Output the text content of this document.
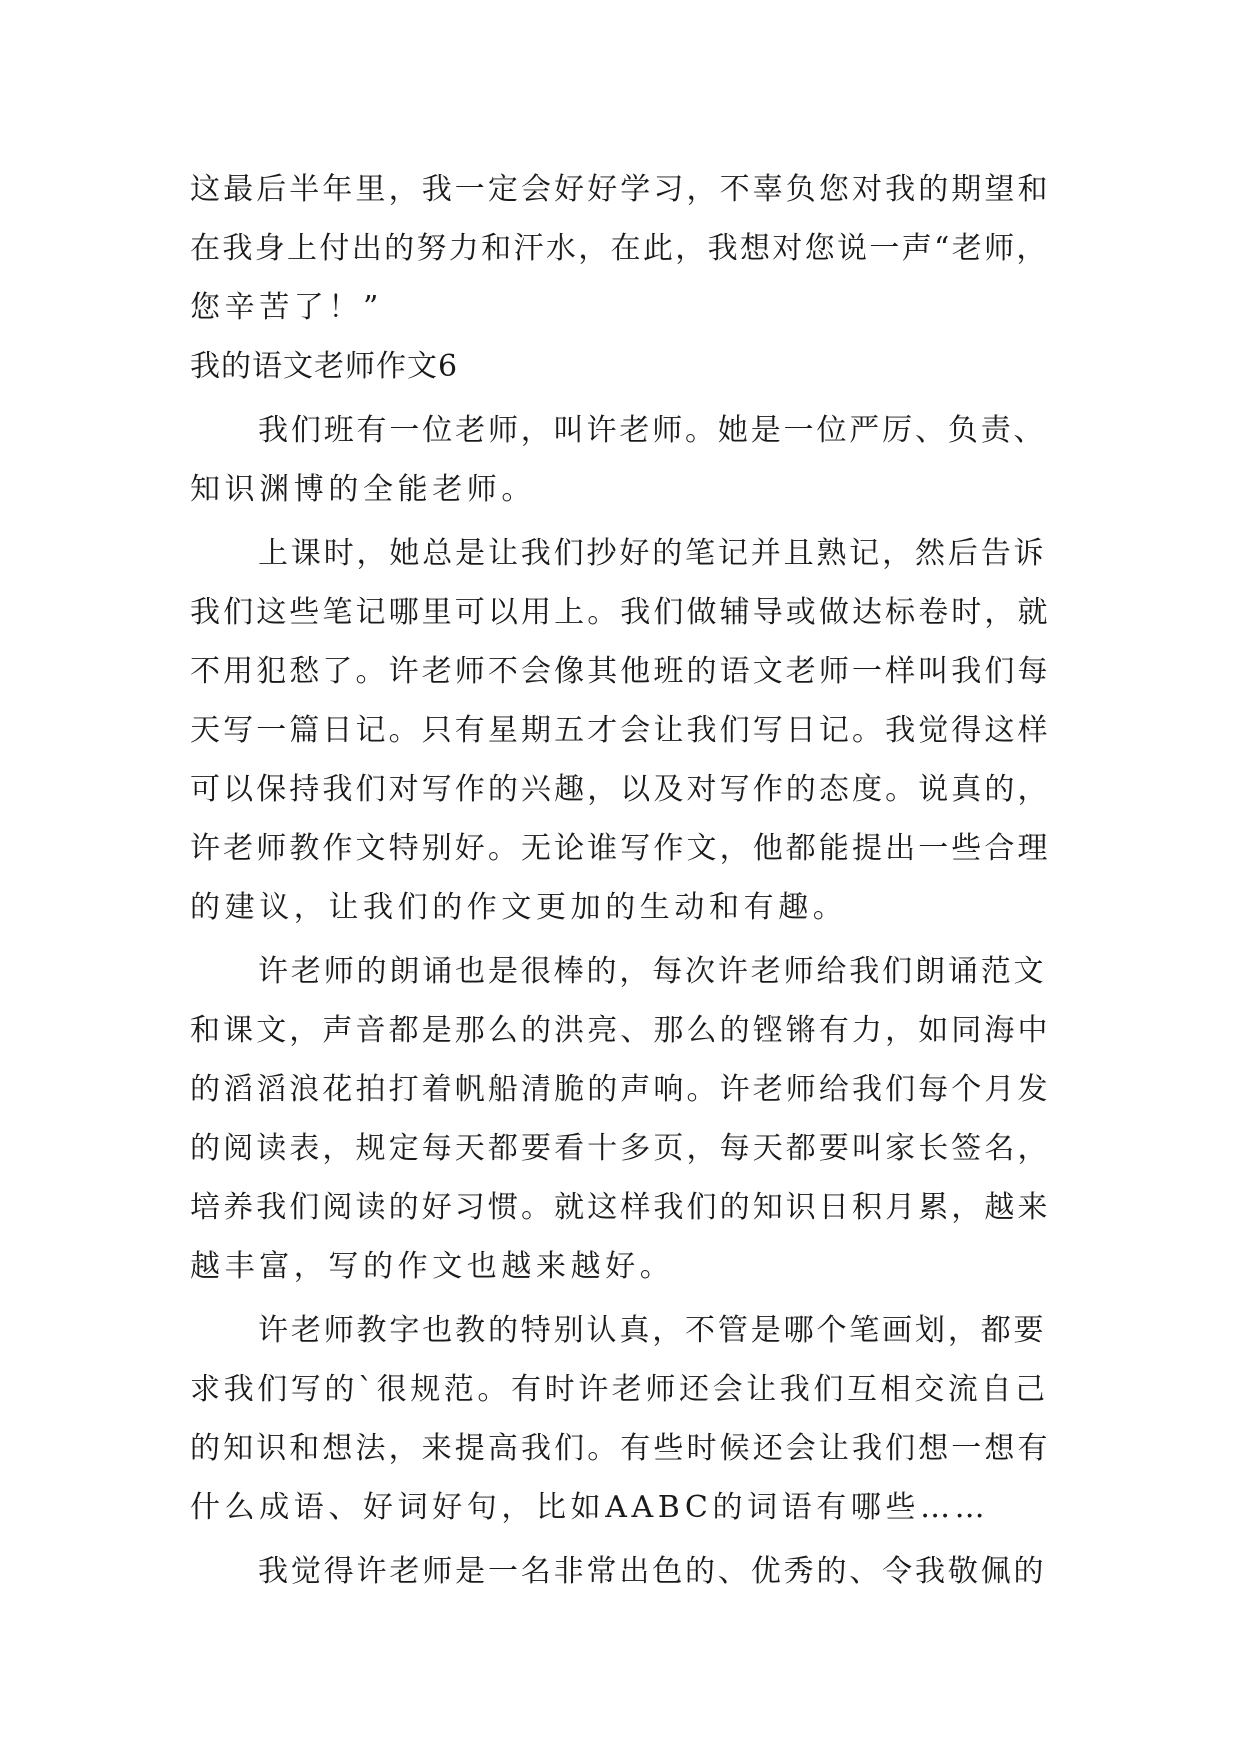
这最后半年里，我一定会好好学习，不辜负您对我的期望和
在我身上付出的努力和汗水，在此，我想对您说一声“老师，
您辛苦了！”
我的语文老师作文6
我们班有一位老师，叫许老师。她是一位严厉、负责、
知识渊博的全能老师。
上课时，她总是让我们抄好的笔记并且熟记，然后告诉
我们这些笔记哪里可以用上。我们做辅导或做达标卷时，就
不用犯愁了。许老师不会像其他班的语文老师一样叫我们每
天写一篇日记。只有星期五才会让我们写日记。我觉得这样
可以保持我们对写作的兴趣，以及对写作的态度。说真的，
许老师教作文特别好。无论谁写作文，他都能提出一些合理
的建议，让我们的作文更加的生动和有趣。
许老师的朗诵也是很棒的，每次许老师给我们朗诵范文
和课文，声音都是那么的洪亮、那么的铿锵有力，如同海中
的滔滔浪花拍打着帆船清脆的声响。许老师给我们每个月发
的阅读表，规定每天都要看十多页，每天都要叫家长签名，
培养我们阅读的好习惯。就这样我们的知识日积月累，越来
越丰富，写的作文也越来越好。
许老师教字也教的特别认真，不管是哪个笔画划，都要
求我们写的`很规范。有时许老师还会让我们互相交流自己
的知识和想法，来提高我们。有些时候还会让我们想一想有
什么成语、好词好句，比如AABC的词语有哪些……
我觉得许老师是一名非常出色的、优秀的、令我敬佩的
